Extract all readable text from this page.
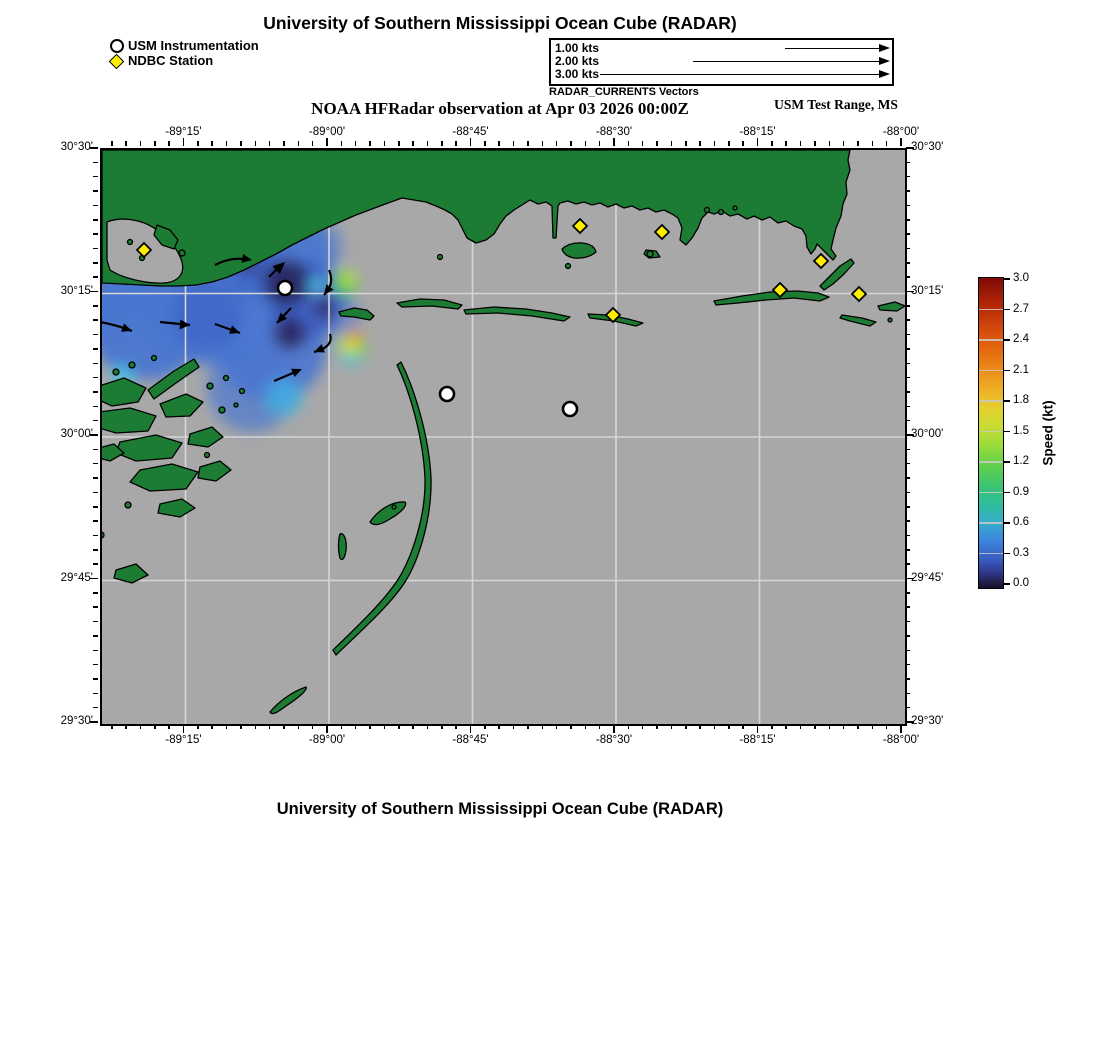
University of Southern Mississippi Ocean Cube (RADAR)
USM Instrumentation
NDBC Station
1.00 kts
2.00 kts
3.00 kts
RADAR_CURRENTS Vectors
NOAA HFRadar observation at Apr 03 2026 00:00Z	USM Test Range, MS
-89°15'
-89°15'
-89°00'
-89°00'
-88°45'
-88°45'
-88°30'
-88°30'
-88°15'
-88°15'
-88°00'
-88°00'
30°30'	30°30'
30°15'	30°15'
30°00'	30°00'
29°45'	29°45'
29°30'	29°30'
3.0
2.7
2.4
2.1
1.8
1.5
1.2
0.9
0.6
0.3
0.0
Speed (kt)
University of Southern Mississippi Ocean Cube (RADAR)
